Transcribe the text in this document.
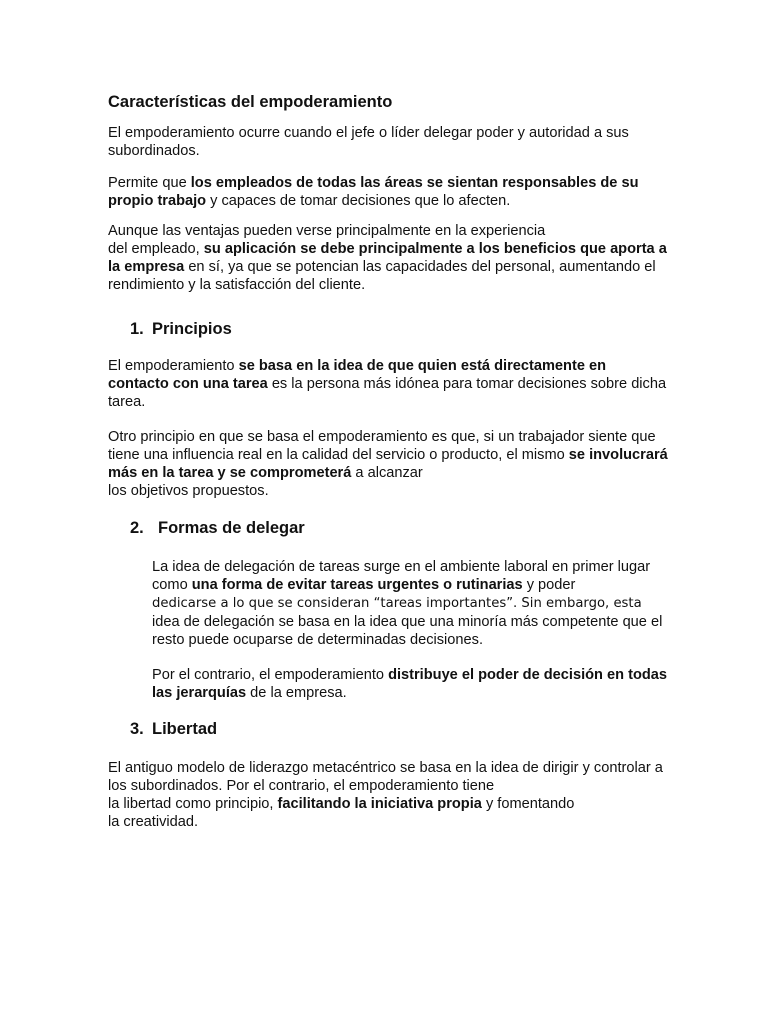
Características del empoderamiento

El empoderamiento ocurre cuando el jefe o líder delegar poder y autoridad a sus subordinados.

Permite que los empleados de todas las áreas se sientan responsables de su propio trabajo y capaces de tomar decisiones que lo afecten.

Aunque las ventajas pueden verse principalmente en la experiencia
del empleado, su aplicación se debe principalmente a los beneficios que aporta a la empresa en sí, ya que se potencian las capacidades del personal, aumentando el rendimiento y la satisfacción del cliente.

1. Principios

El empoderamiento se basa en la idea de que quien está directamente en contacto con una tarea es la persona más idónea para tomar decisiones sobre dicha tarea.

Otro principio en que se basa el empoderamiento es que, si un trabajador siente que tiene una influencia real en la calidad del servicio o producto, el mismo se involucrará más en la tarea y se comprometerá a alcanzar
los objetivos propuestos.

2. Formas de delegar

La idea de delegación de tareas surge en el ambiente laboral en primer lugar como una forma de evitar tareas urgentes o rutinarias y poder
dedicarse a lo que se consideran “tareas importantes”. Sin embargo, esta
idea de delegación se basa en la idea que una minoría más competente que el resto puede ocuparse de determinadas decisiones.

Por el contrario, el empoderamiento distribuye el poder de decisión en todas las jerarquías de la empresa.

3. Libertad

El antiguo modelo de liderazgo metacéntrico se basa en la idea de dirigir y controlar a los subordinados. Por el contrario, el empoderamiento tiene
la libertad como principio, facilitando la iniciativa propia y fomentando
la creatividad.
